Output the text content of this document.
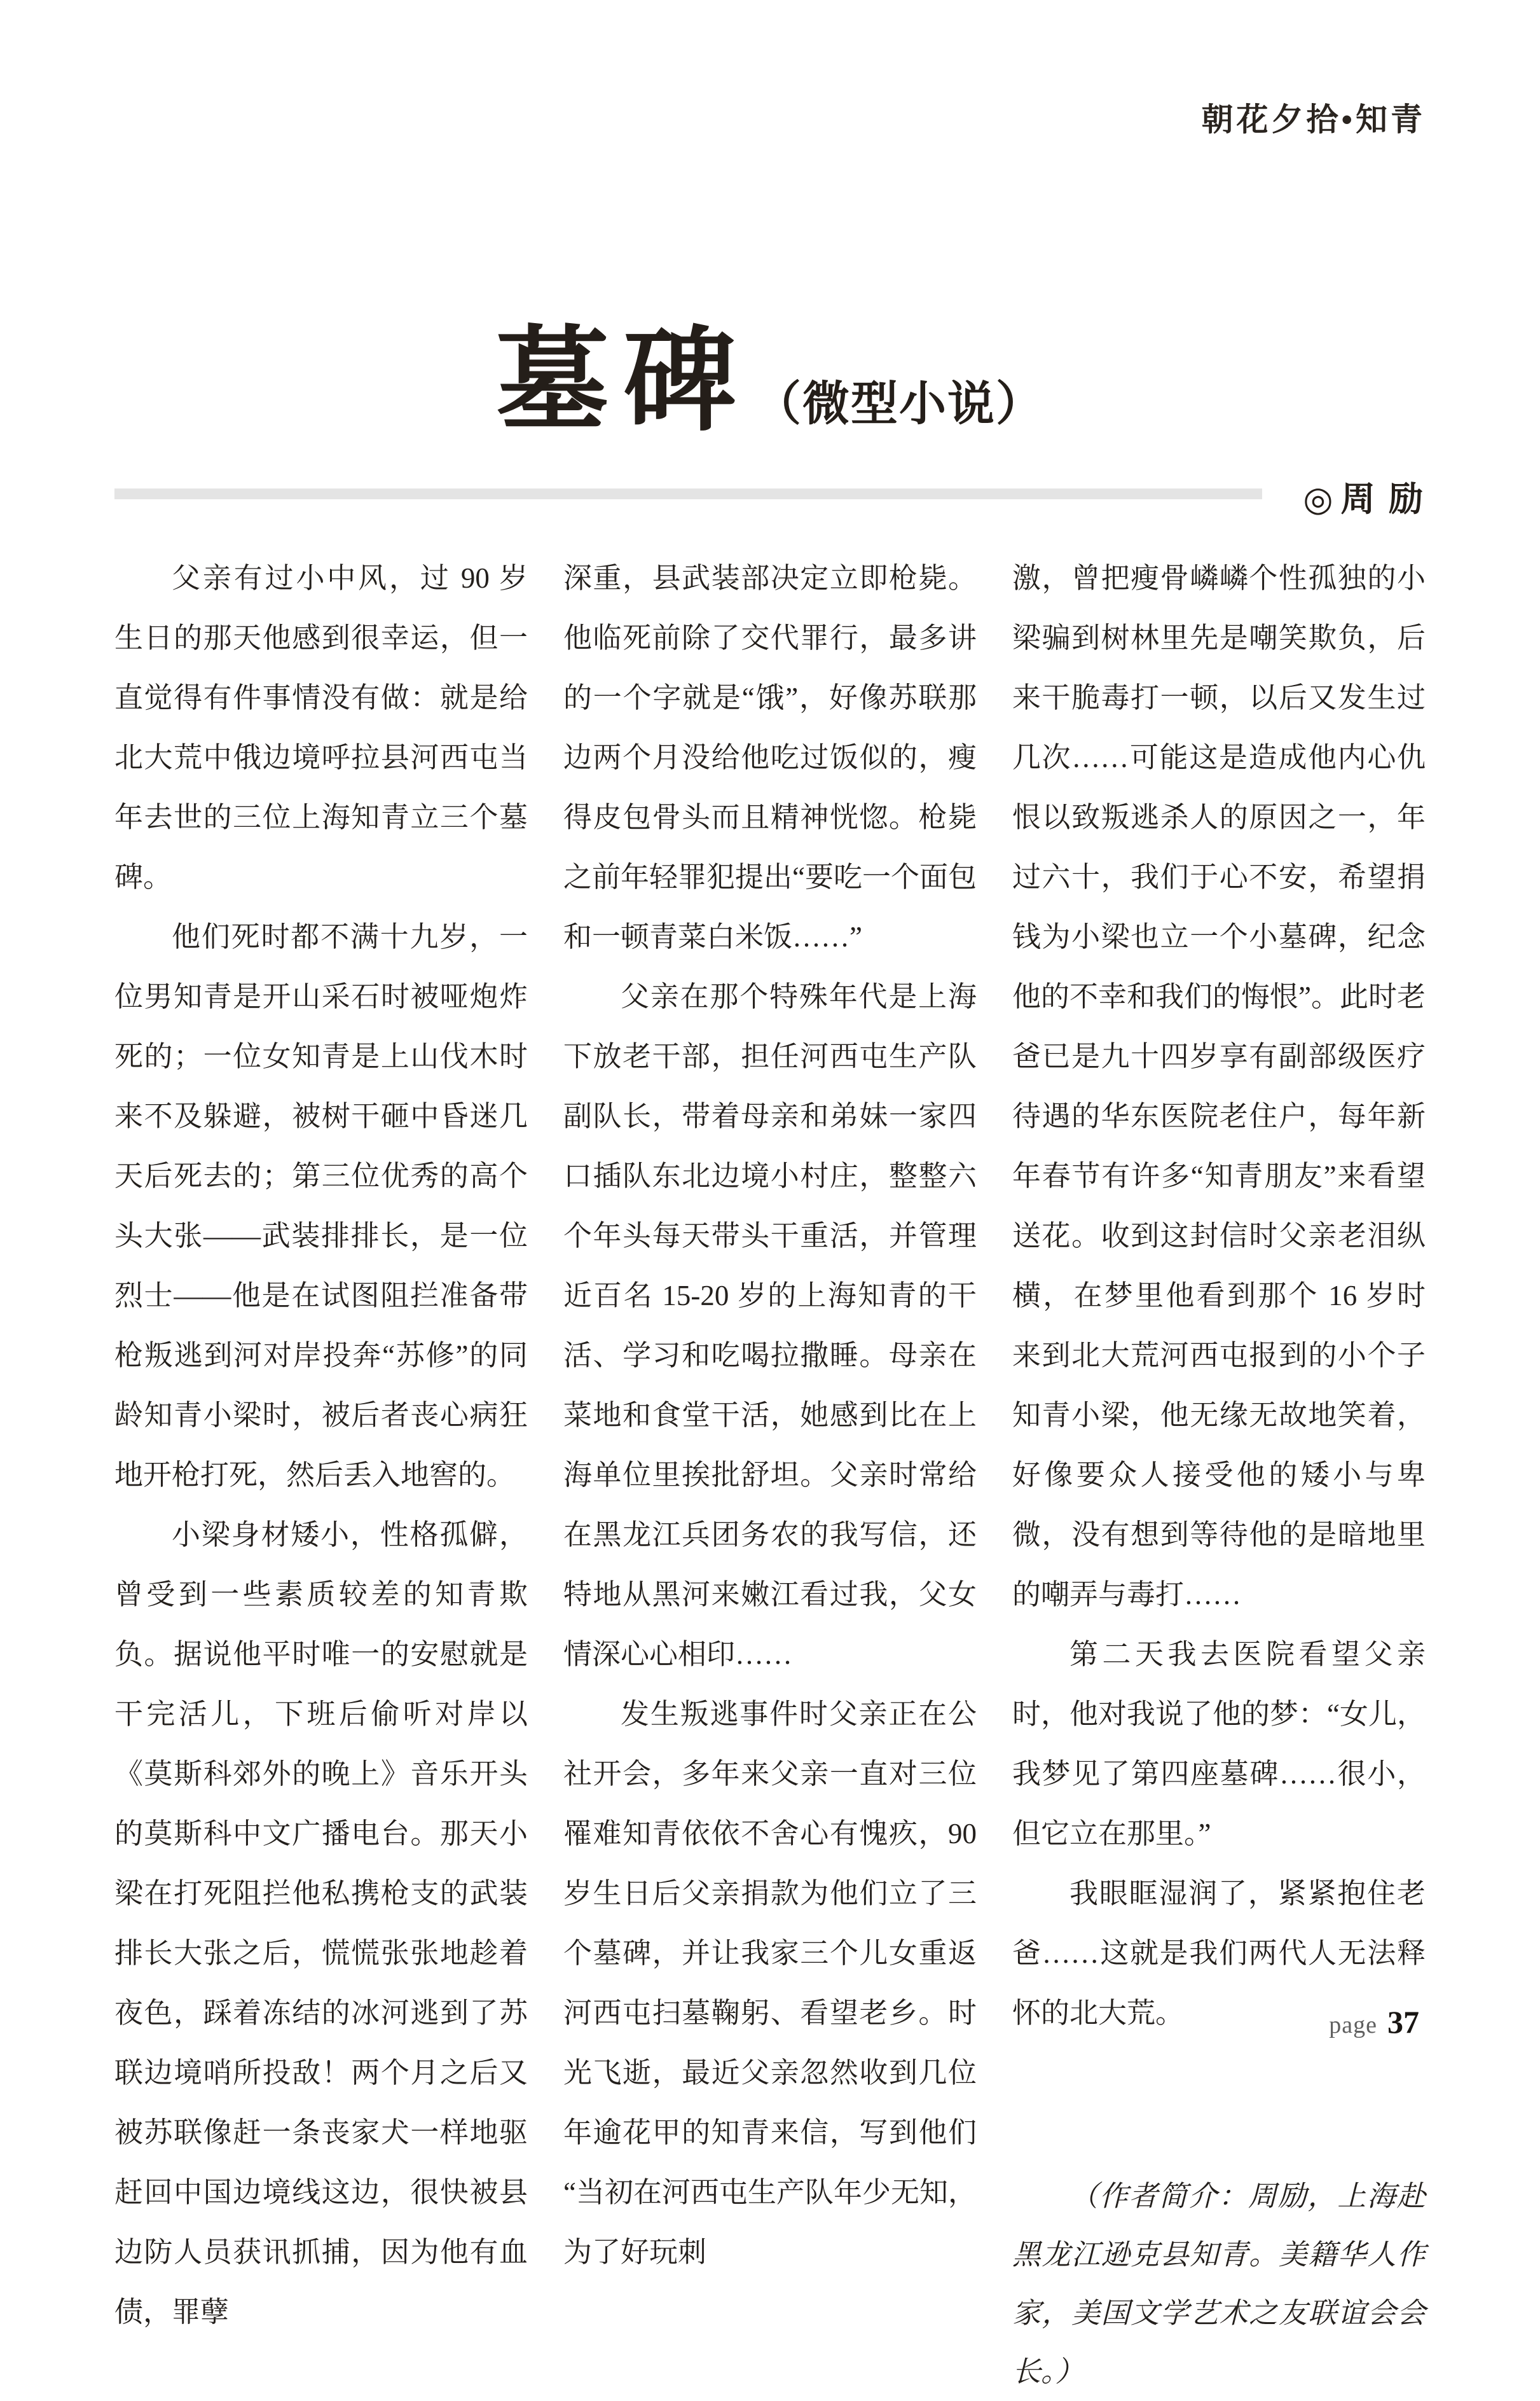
朝花夕拾•知青
墓碑 （微型小说）
◎ 周 励

父亲有过小中风，过 90 岁生日的那天他感到很幸运，但一直觉得有件事情没有做：就是给北大荒中俄边境呼拉县河西屯当年去世的三位上海知青立三个墓碑。

他们死时都不满十九岁，一位男知青是开山采石时被哑炮炸死的；一位女知青是上山伐木时来不及躲避，被树干砸中昏迷几天后死去的；第三位优秀的高个头大张——武装排排长，是一位烈士——他是在试图阻拦准备带枪叛逃到河对岸投奔“苏修”的同龄知青小梁时，被后者丧心病狂地开枪打死，然后丢入地窖的。

小梁身材矮小，性格孤僻，曾受到一些素质较差的知青欺负。据说他平时唯一的安慰就是干完活儿，下班后偷听对岸以《莫斯科郊外的晚上》音乐开头的莫斯科中文广播电台。那天小梁在打死阻拦他私携枪支的武装排长大张之后，慌慌张张地趁着夜色，踩着冻结的冰河逃到了苏联边境哨所投敌！两个月之后又被苏联像赶一条丧家犬一样地驱赶回中国边境线这边，很快被县边防人员获讯抓捕，因为他有血债，罪孽

深重，县武装部决定立即枪毙。他临死前除了交代罪行，最多讲的一个字就是“饿”，好像苏联那边两个月没给他吃过饭似的，瘦得皮包骨头而且精神恍惚。枪毙之前年轻罪犯提出“要吃一个面包和一顿青菜白米饭……”

父亲在那个特殊年代是上海下放老干部，担任河西屯生产队副队长，带着母亲和弟妹一家四口插队东北边境小村庄，整整六个年头每天带头干重活，并管理近百名 15-20 岁的上海知青的干活、学习和吃喝拉撒睡。母亲在菜地和食堂干活，她感到比在上海单位里挨批舒坦。父亲时常给在黑龙江兵团务农的我写信，还特地从黑河来嫩江看过我，父女情深心心相印……

发生叛逃事件时父亲正在公社开会，多年来父亲一直对三位罹难知青依依不舍心有愧疚，90 岁生日后父亲捐款为他们立了三个墓碑，并让我家三个儿女重返河西屯扫墓鞠躬、看望老乡。时光飞逝，最近父亲忽然收到几位年逾花甲的知青来信，写到他们“当初在河西屯生产队年少无知，为了好玩刺

激，曾把瘦骨嶙嶙个性孤独的小梁骗到树林里先是嘲笑欺负，后来干脆毒打一顿，以后又发生过几次……可能这是造成他内心仇恨以致叛逃杀人的原因之一，年过六十，我们于心不安，希望捐钱为小梁也立一个小墓碑，纪念他的不幸和我们的悔恨”。此时老爸已是九十四岁享有副部级医疗待遇的华东医院老住户，每年新年春节有许多“知青朋友”来看望送花。收到这封信时父亲老泪纵横，在梦里他看到那个 16 岁时来到北大荒河西屯报到的小个子知青小梁，他无缘无故地笑着，好像要众人接受他的矮小与卑微，没有想到等待他的是暗地里的嘲弄与毒打……

第二天我去医院看望父亲时，他对我说了他的梦：“女儿，我梦见了第四座墓碑……很小，但它立在那里。”

我眼眶湿润了，紧紧抱住老爸……这就是我们两代人无法释怀的北大荒。

（作者简介：周励，上海赴黑龙江逊克县知青。美籍华人作家，美国文学艺术之友联谊会会长。）

page 37
